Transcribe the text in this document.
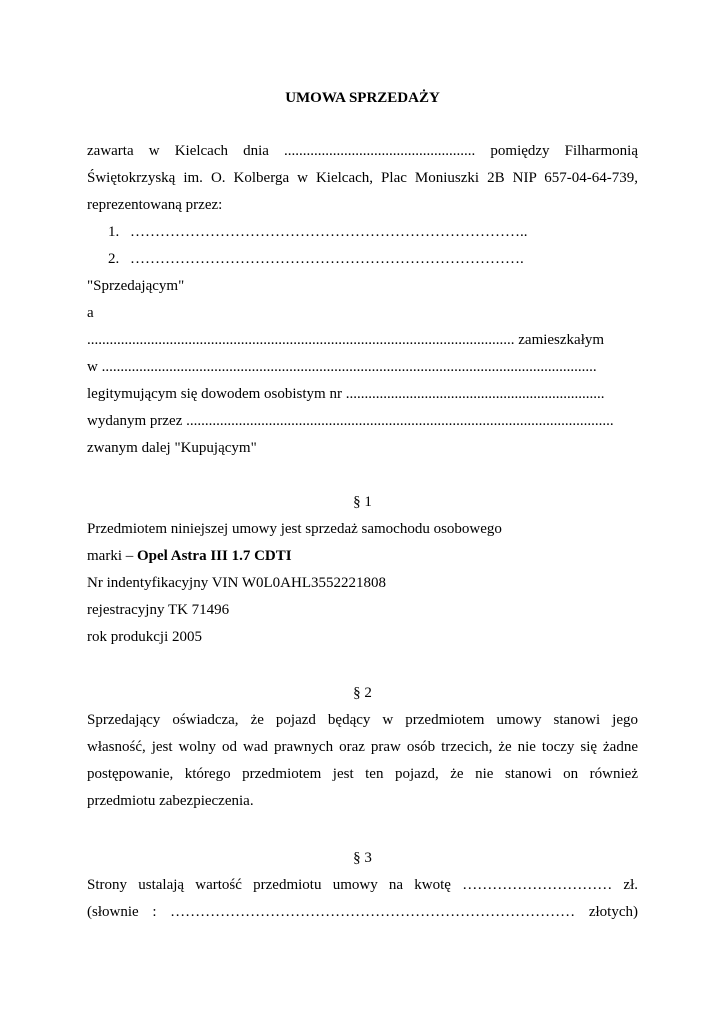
UMOWA SPRZEDAŻY
zawarta w Kielcach dnia ................................................... pomiędzy Filharmonią
Świętokrzyską im. O. Kolberga w Kielcach, Plac Moniuszki 2B NIP 657-04-64-739,
reprezentowaną przez:
1. ……………………………………………………………………..
2. …………………………………………………………………….
"Sprzedającym"
a
.................................................................................................................. zamieszkałym
w ....................................................................................................................................
legitymującym się dowodem osobistym nr .....................................................................
wydanym przez ..................................................................................................................
zwanym dalej "Kupującym"
§ 1
Przedmiotem niniejszej umowy jest sprzedaż samochodu osobowego
marki – Opel Astra III 1.7 CDTI
Nr indentyfikacyjny VIN W0L0AHL3552221808
rejestracyjny TK 71496
rok produkcji 2005
§ 2
Sprzedający oświadcza, że pojazd będący w przedmiotem umowy stanowi jego
własność, jest wolny od wad prawnych oraz praw osób trzecich, że nie toczy się żadne
postępowanie, którego przedmiotem jest ten pojazd, że nie stanowi on również
przedmiotu zabezpieczenia.
§ 3
Strony ustalają wartość przedmiotu umowy na kwotę ………………………… zł.
(słownie : ……………………………………………………………………… złotych)
